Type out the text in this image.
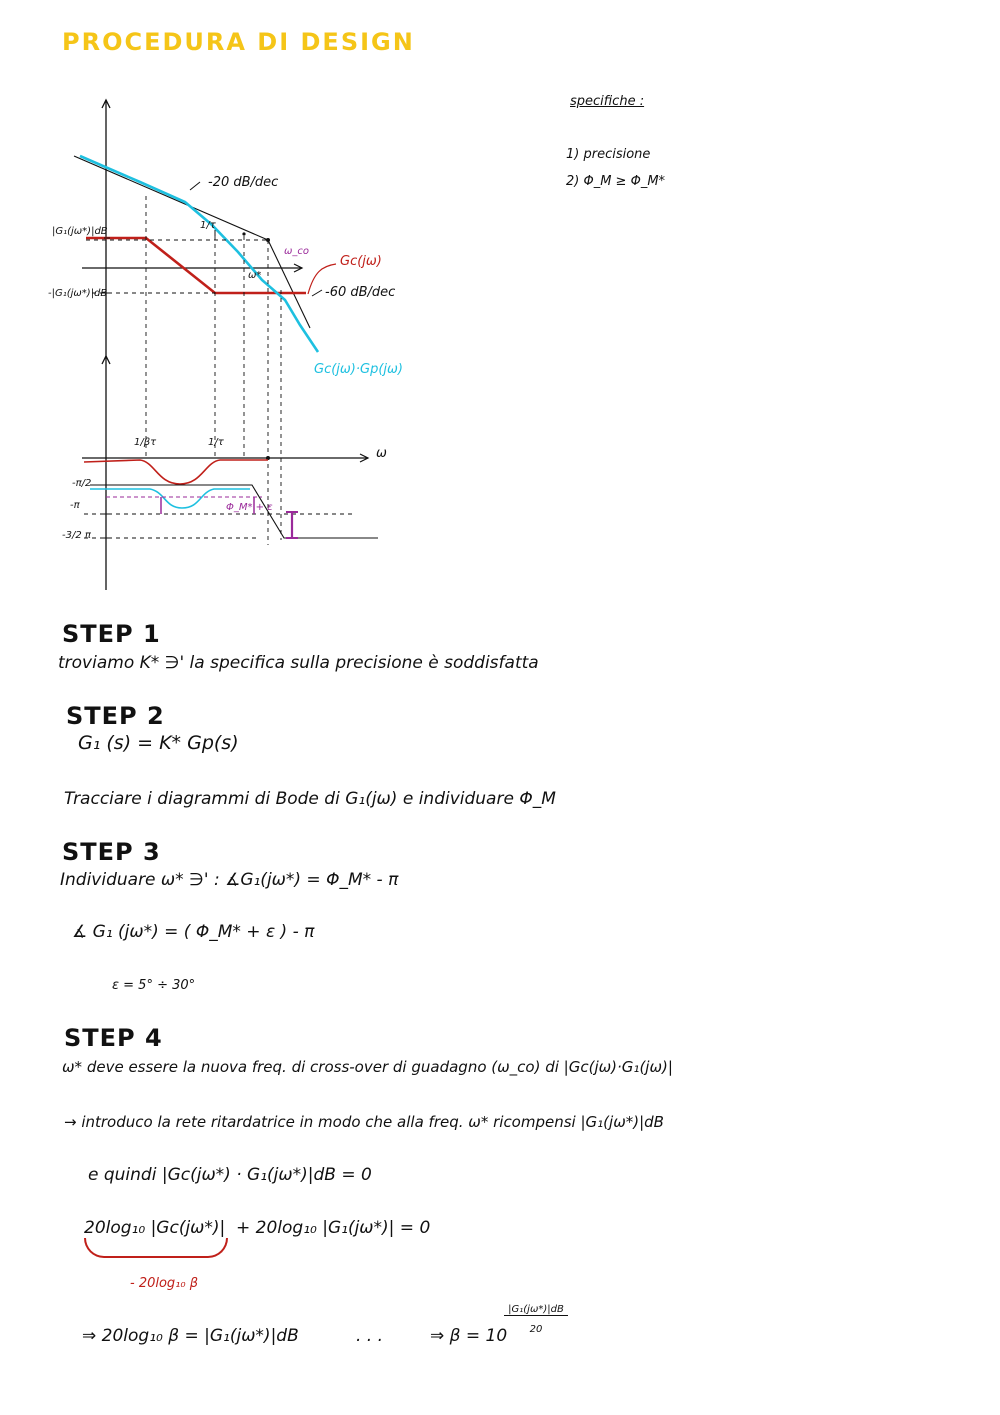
PROCEDURA DI DESIGN
specifiche :
1) precisione
2) Φ_M ≥ Φ_M*
-20 dB/dec
-60 dB/dec
|G₁(jω*)|dB
-|G₁(jω*)|dB
ω_co
Gc(jω)
Gc(jω)·Gp(jω)
1/τ
ω*
ω
1/βτ	1/τ
-π/2
-π
-3/2 π
Φ_M* + ε
STEP 1
troviamo K* ∋' la specifica sulla precisione è soddisfatta
STEP 2
G₁ (s) = K* Gp(s)
Tracciare i diagrammi di Bode di G₁(jω) e individuare Φ_M
STEP 3
Individuare ω* ∋' : ∡G₁(jω*) = Φ_M* - π
∡ G₁ (jω*) = ( Φ_M* + ε ) - π
ε = 5° ÷ 30°
STEP 4
ω* deve essere la nuova freq. di cross-over di guadagno (ω_co) di |Gc(jω)·G₁(jω)|
→ introduco la rete ritardatrice in modo che alla freq. ω* ricompensi |G₁(jω*)|dB
e quindi |Gc(jω*) · G₁(jω*)|dB = 0
20log₁₀ |Gc(jω*)| + 20log₁₀ |G₁(jω*)| = 0
- 20log₁₀ β
⇒ 20log₁₀ β = |G₁(jω*)|dB	. . .	⇒ β = 10
|G₁(jω*)|dB
20
